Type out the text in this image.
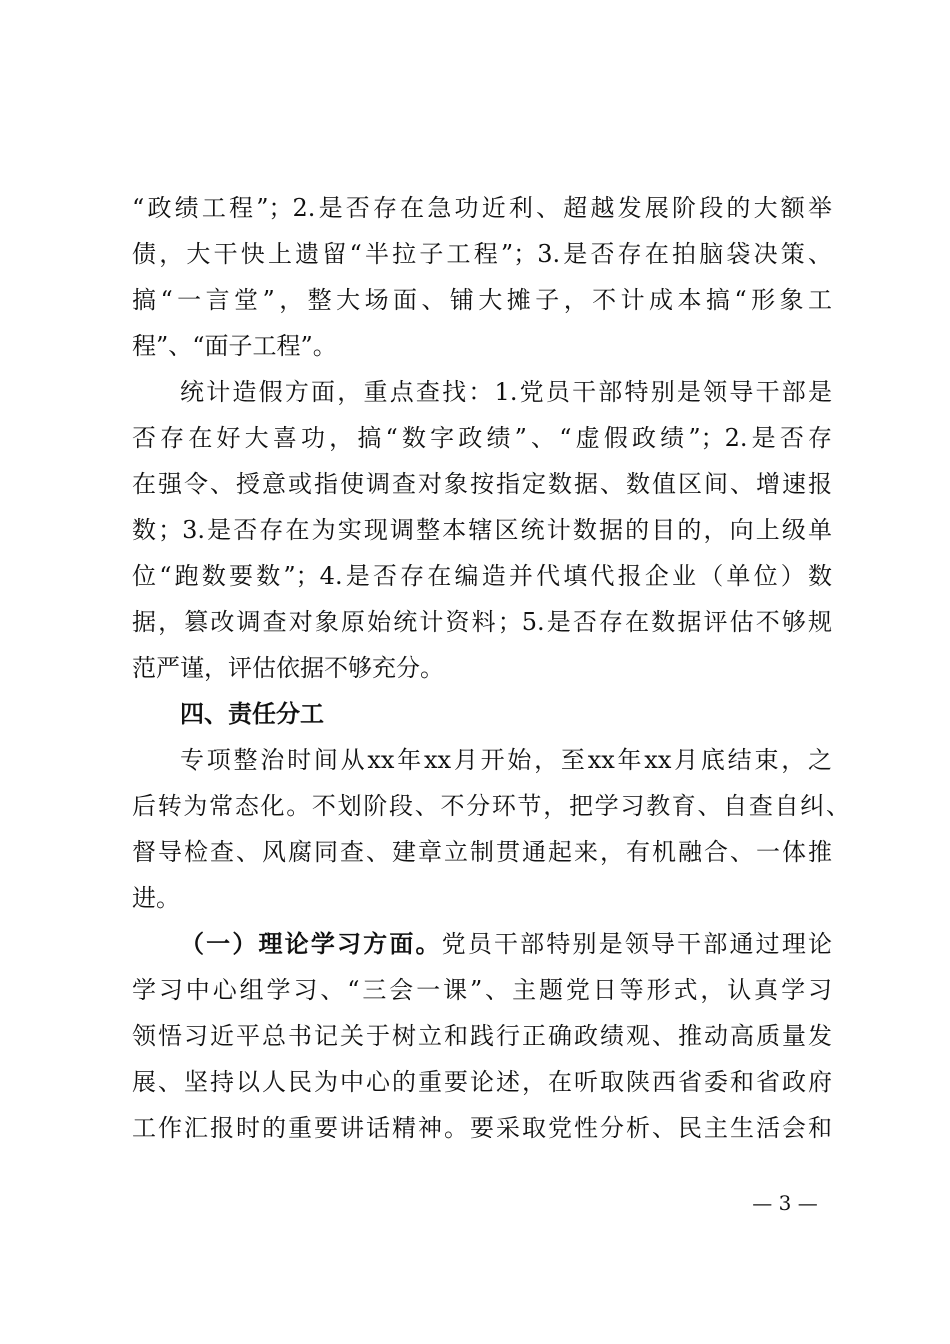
“政绩工程”；2.是否存在急功近利、超越发展阶段的大额举
债，大干快上遗留“半拉子工程”；3.是否存在拍脑袋决策、
搞“一言堂”，整大场面、铺大摊子，不计成本搞“形象工
程”、“面子工程”。
统计造假方面，重点查找：1.党员干部特别是领导干部是
否存在好大喜功，搞“数字政绩”、“虚假政绩”；2.是否存
在强令、授意或指使调查对象按指定数据、数值区间、增速报
数；3.是否存在为实现调整本辖区统计数据的目的，向上级单
位“跑数要数”；4.是否存在编造并代填代报企业（单位）数
据，篡改调查对象原始统计资料；5.是否存在数据评估不够规
范严谨，评估依据不够充分。
四、责任分工
专项整治时间从xx年xx月开始，至xx年xx月底结束，之
后转为常态化。不划阶段、不分环节，把学习教育、自查自纠、
督导检查、风腐同查、建章立制贯通起来，有机融合、一体推
进。
（一）理论学习方面。党员干部特别是领导干部通过理论
学习中心组学习、“三会一课”、主题党日等形式，认真学习
领悟习近平总书记关于树立和践行正确政绩观、推动高质量发
展、坚持以人民为中心的重要论述，在听取陕西省委和省政府
工作汇报时的重要讲话精神。要采取党性分析、民主生活会和
— 3 —
